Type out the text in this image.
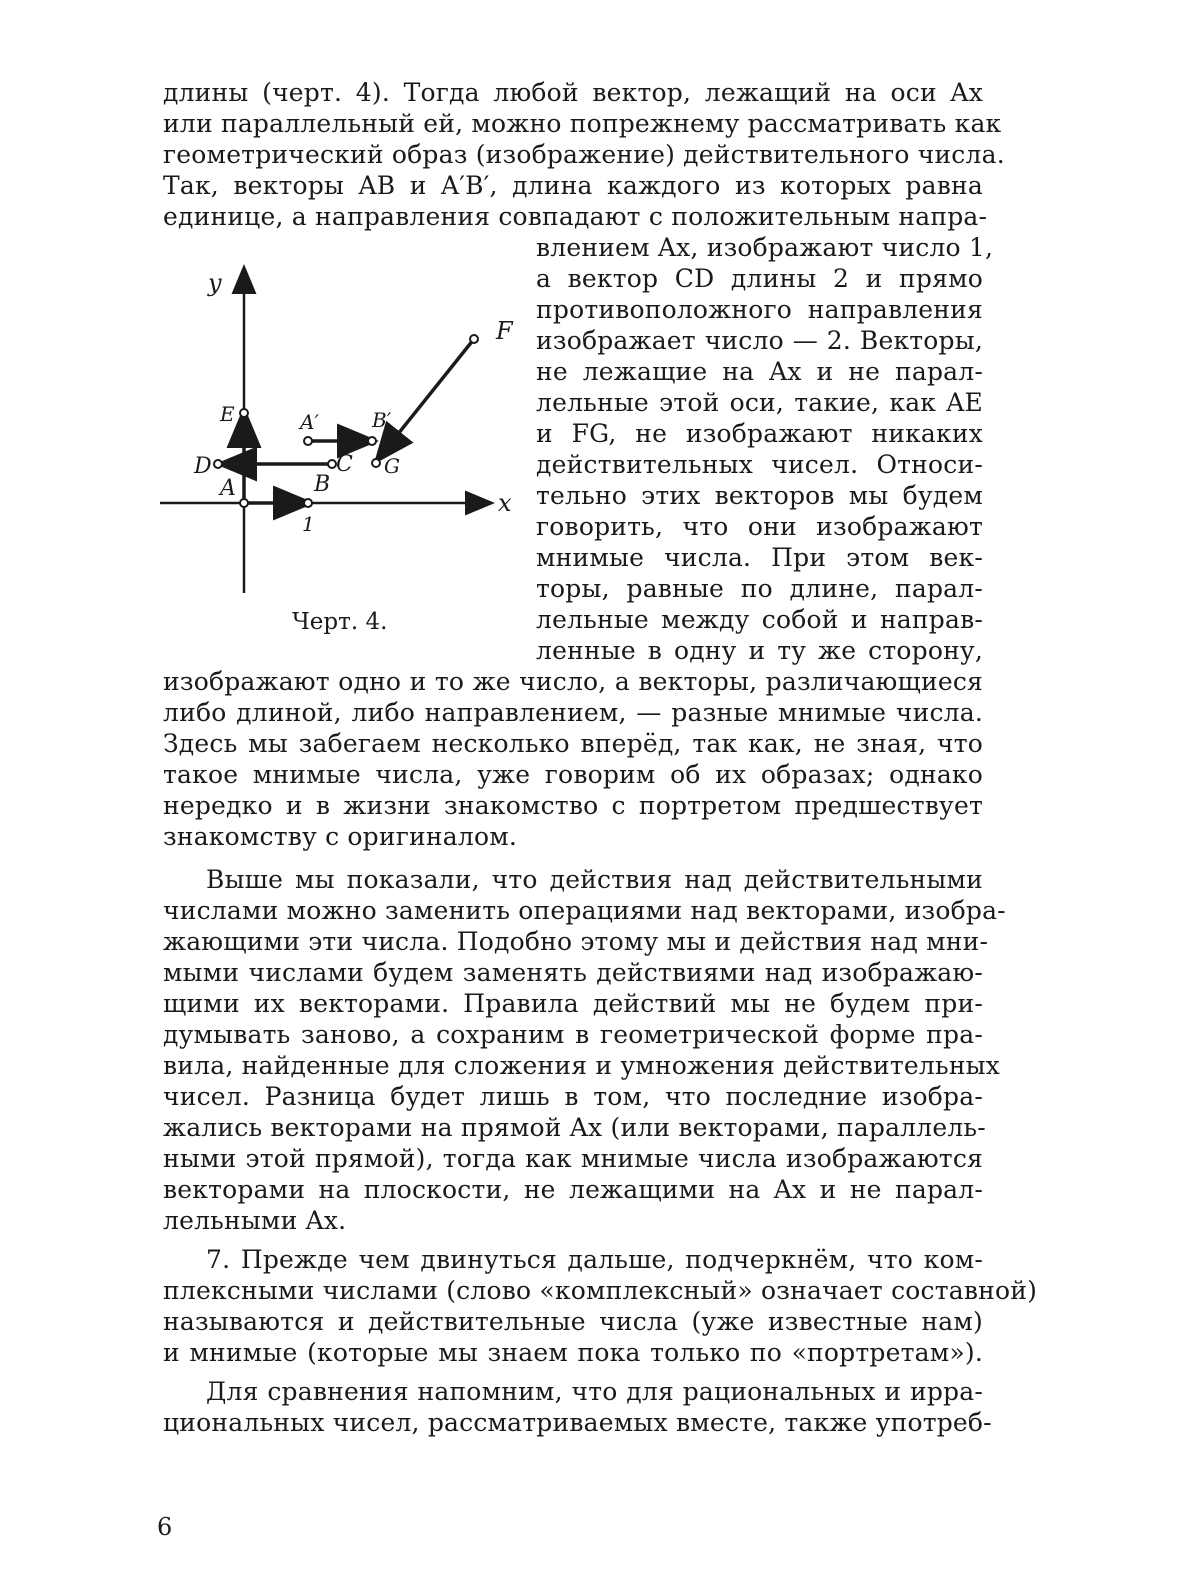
длины (черт. 4). Тогда любой вектор, лежащий на оси Ax
или параллельный ей, можно попрежнему рассматривать как
геометрический образ (изображение) действительного числа.
Так, векторы AB и A′B′, длина каждого из которых равна
единице, а направления совпадают с положительным напра-
влением Ax, изображают число 1,
а вектор CD длины 2 и прямо
противоположного направления
изображает число — 2. Векторы,
не лежащие на Ax и не парал-
лельные этой оси, такие, как AE
и FG, не изображают никаких
действительных чисел. Относи-
тельно этих векторов мы будем
говорить, что они изображают
мнимые числа. При этом век-
торы, равные по длине, парал-
лельные между собой и направ-
ленные в одну и ту же сторону,
изображают одно и то же число, а векторы, различающиеся
либо длиной, либо направлением, — разные мнимые числа.
Здесь мы забегаем несколько вперёд, так как, не зная, что
такое мнимые числа, уже говорим об их образах; однако
нередко и в жизни знакомство с портретом предшествует
знакомству с оригиналом.
Выше мы показали, что действия над действительными
числами можно заменить операциями над векторами, изобра-
жающими эти числа. Подобно этому мы и действия над мни-
мыми числами будем заменять действиями над изображаю-
щими их векторами. Правила действий мы не будем при-
думывать заново, а сохраним в геометрической форме пра-
вила, найденные для сложения и умножения действительных
чисел. Разница будет лишь в том, что последние изобра-
жались векторами на прямой Ax (или векторами, параллель-
ными этой прямой), тогда как мнимые числа изображаются
векторами на плоскости, не лежащими на Ax и не парал-
лельными Ax.
7. Прежде чем двинуться дальше, подчеркнём, что ком-
плексными числами (слово «комплексный» означает составной)
называются и действительные числа (уже известные нам)
и мнимые (которые мы знаем пока только по «портретам»).
Для сравнения напомним, что для рациональных и ирра-
циональных чисел, рассматриваемых вместе, также употреб-
y
x
E
D
A	B
C G
F
A′	B′
1
Черт. 4.
6
